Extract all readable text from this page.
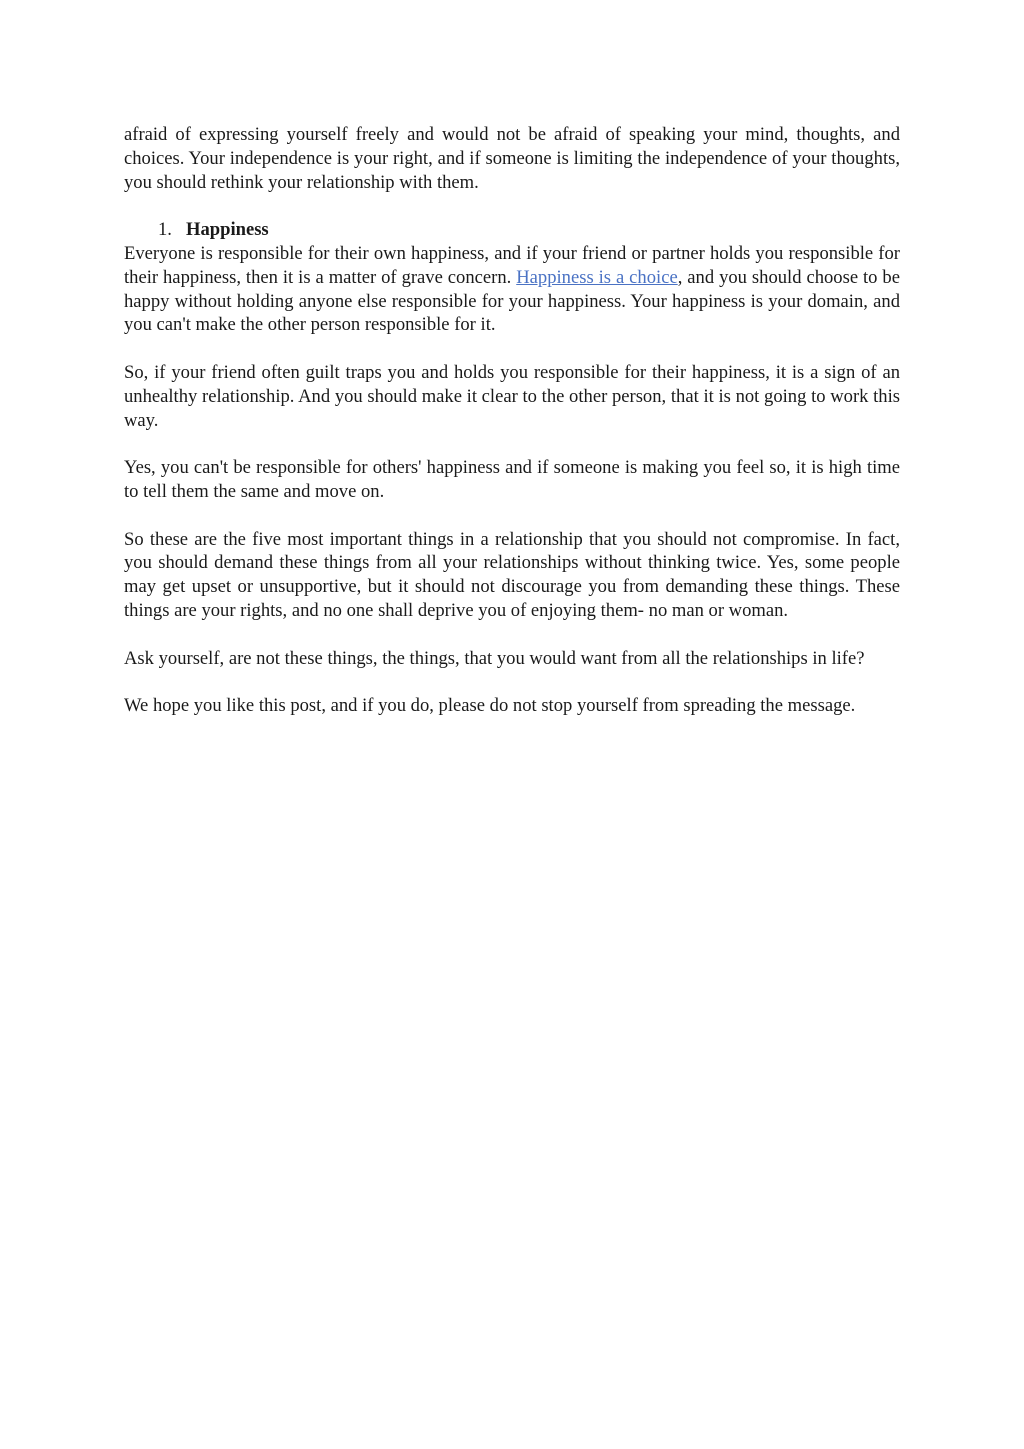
afraid of expressing yourself freely and would not be afraid of speaking your mind, thoughts, and choices. Your independence is your right, and if someone is limiting the independence of your thoughts, you should rethink your relationship with them.

1. Happiness

Everyone is responsible for their own happiness, and if your friend or partner holds you responsible for their happiness, then it is a matter of grave concern. Happiness is a choice, and you should choose to be happy without holding anyone else responsible for your happiness. Your happiness is your domain, and you can't make the other person responsible for it.

So, if your friend often guilt traps you and holds you responsible for their happiness, it is a sign of an unhealthy relationship. And you should make it clear to the other person, that it is not going to work this way.

Yes, you can't be responsible for others' happiness and if someone is making you feel so, it is high time to tell them the same and move on.

So these are the five most important things in a relationship that you should not compromise. In fact, you should demand these things from all your relationships without thinking twice. Yes, some people may get upset or unsupportive, but it should not discourage you from demanding these things. These things are your rights, and no one shall deprive you of enjoying them- no man or woman.

Ask yourself, are not these things, the things, that you would want from all the relationships in life?

We hope you like this post, and if you do, please do not stop yourself from spreading the message.
